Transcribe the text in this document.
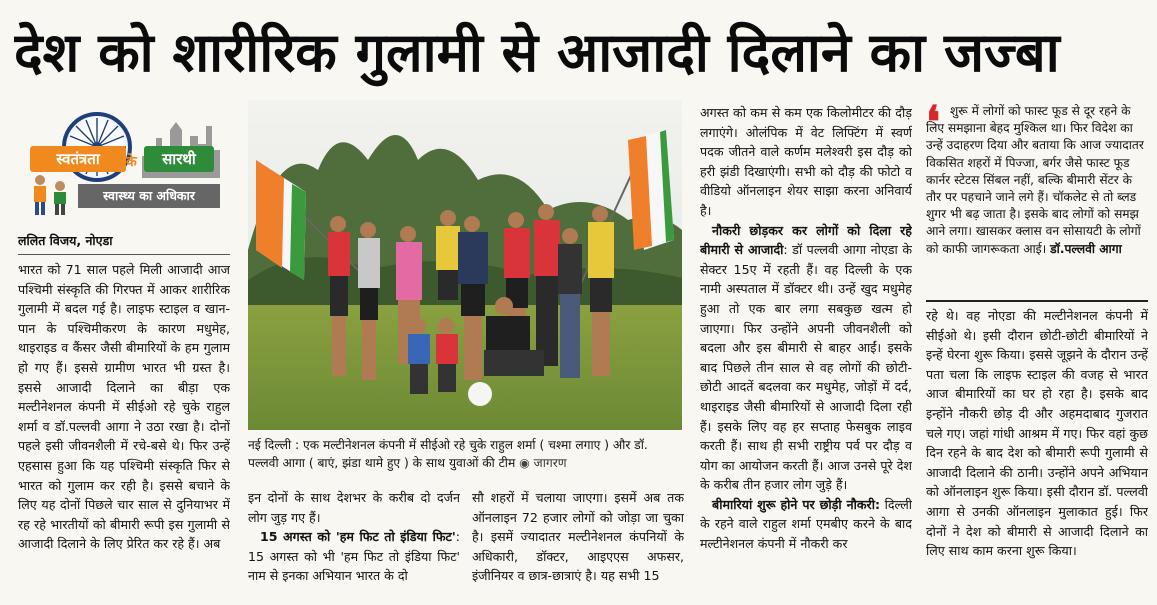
देश को शारीरिक गुलामी से आजादी दिलाने का जज्बा
स्वतंत्रता	के	सारथी
स्वास्थ्य का अधिकार
ललित विजय, नोएडा

भारत को 71 साल पहले मिली आजादी आज पश्चिमी संस्कृति की गिरफ्त में आकर शारीरिक गुलामी में बदल गई है। लाइफ स्टाइल व खान-पान के पश्चिमीकरण के कारण मधुमेह, थाइराइड व कैंसर जैसी बीमारियों के हम गुलाम हो गए हैं। इससे ग्रामीण भारत भी ग्रस्त है। इससे आजादी दिलाने का बीड़ा एक मल्टीनेशनल कंपनी में सीईओ रहे चुके राहुल शर्मा व डॉ.पल्लवी आगा ने उठा रखा है। दोनों पहले इसी जीवनशैली में रचे-बसे थे। फिर उन्हें एहसास हुआ कि यह पश्चिमी संस्कृति फिर से भारत को गुलाम कर रही है। इससे बचाने के लिए यह दोनों पिछले चार साल से दुनियाभर में रह रहे भारतीयों को बीमारी रूपी इस गुलामी से आजादी दिलाने के लिए प्रेरित कर रहे हैं। अब

नई दिल्ली : एक मल्टीनेशनल कंपनी में सीईओ रहे चुके राहुल शर्मा ( चश्मा लगाए ) और डॉ. पल्लवी आगा ( बाएं, झंडा थामे हुए ) के साथ युवाओं की टीम ◉ जागरण

इन दोनों के साथ देशभर के करीब दो दर्जन लोग जुड़ गए हैं।

15 अगस्त को 'हम फिट तो इंडिया फिट': 15 अगस्त को भी 'हम फिट तो इंडिया फिट' नाम से इनका अभियान भारत के दो

सौ शहरों में चलाया जाएगा। इसमें अब तक ऑनलाइन 72 हजार लोगों को जोड़ा जा चुका है। इसमें ज्यादातर मल्टीनेशनल कंपनियों के अधिकारी, डॉक्टर, आइएएस अफसर, इंजीनियर व छात्र-छात्राएं है। यह सभी 15

अगस्त को कम से कम एक किलोमीटर की दौड़ लगाएंगे। ओलंपिक में वेट लिफ्टिंग में स्वर्ण पदक जीतने वाले कर्णम मलेश्वरी इस दौड़ को हरी झंडी दिखाएंगी। सभी को दौड़ की फोटो व वीडियो ऑनलाइन शेयर साझा करना अनिवार्य है।

नौकरी छोड़कर कर लोगों को दिला रहे बीमारी से आजादी: डॉ पल्लवी आगा नोएडा के सेक्टर 15ए में रहती हैं। वह दिल्ली के एक नामी अस्पताल में डॉक्टर थी। उन्हें खुद मधुमेह हुआ तो एक बार लगा सबकुछ खत्म हो जाएगा। फिर उन्होंने अपनी जीवनशैली को बदला और इस बीमारी से बाहर आईं। इसके बाद पिछले तीन साल से वह लोगों की छोटी-छोटी आदतें बदलवा कर मधुमेह, जोड़ों में दर्द, थाइराइड जैसी बीमारियों से आजादी दिला रही हैं। इसके लिए वह हर सप्ताह फेसबुक लाइव करती हैं। साथ ही सभी राष्ट्रीय पर्व पर दौड़ व योग का आयोजन करती हैं। आज उनसे पूरे देश के करीब तीन हजार लोग जुड़े हैं।

बीमारियां शुरू होने पर छोड़ी नौकरी: दिल्ली के रहने वाले राहुल शर्मा एमबीए करने के बाद मल्टीनेशनल कंपनी में नौकरी कर

❛ शुरू में लोगों को फास्ट फूड से दूर रहने के लिए समझाना बेहद मुश्किल था। फिर विदेश का उन्हें उदाहरण दिया और बताया कि आज ज्यादातर विकसित शहरों में पिज्जा, बर्गर जैसे फास्ट फूड कार्नर स्टेटस सिंबल नहीं, बल्कि बीमारी सेंटर के तौर पर पहचाने जाने लगे हैं। चॉकलेट से तो ब्लड शुगर भी बढ़ जाता है। इसके बाद लोगों को समझ आने लगा। खासकर क्लास वन सोसायटी के लोगों को काफी जागरूकता आई। डॉ.पल्लवी आगा

रहे थे। वह नोएडा की मल्टीनेशनल कंपनी में सीईओ थे। इसी दौरान छोटी-छोटी बीमारियों ने इन्हें घेरना शुरू किया। इससे जूझने के दौरान उन्हें पता चला कि लाइफ स्टाइल की वजह से भारत आज बीमारियों का घर हो रहा है। इसके बाद इन्होंने नौकरी छोड़ दी और अहमदाबाद गुजरात चले गए। जहां गांधी आश्रम में गए। फिर वहां कुछ दिन रहने के बाद देश को बीमारी रूपी गुलामी से आजादी दिलाने की ठानी। उन्होंने अपने अभियान को ऑनलाइन शुरू किया। इसी दौरान डॉ. पल्लवी आगा से उनकी ऑनलाइन मुलाकात हुई। फिर दोनों ने देश को बीमारी से आजादी दिलाने का लिए साथ काम करना शुरू किया।
